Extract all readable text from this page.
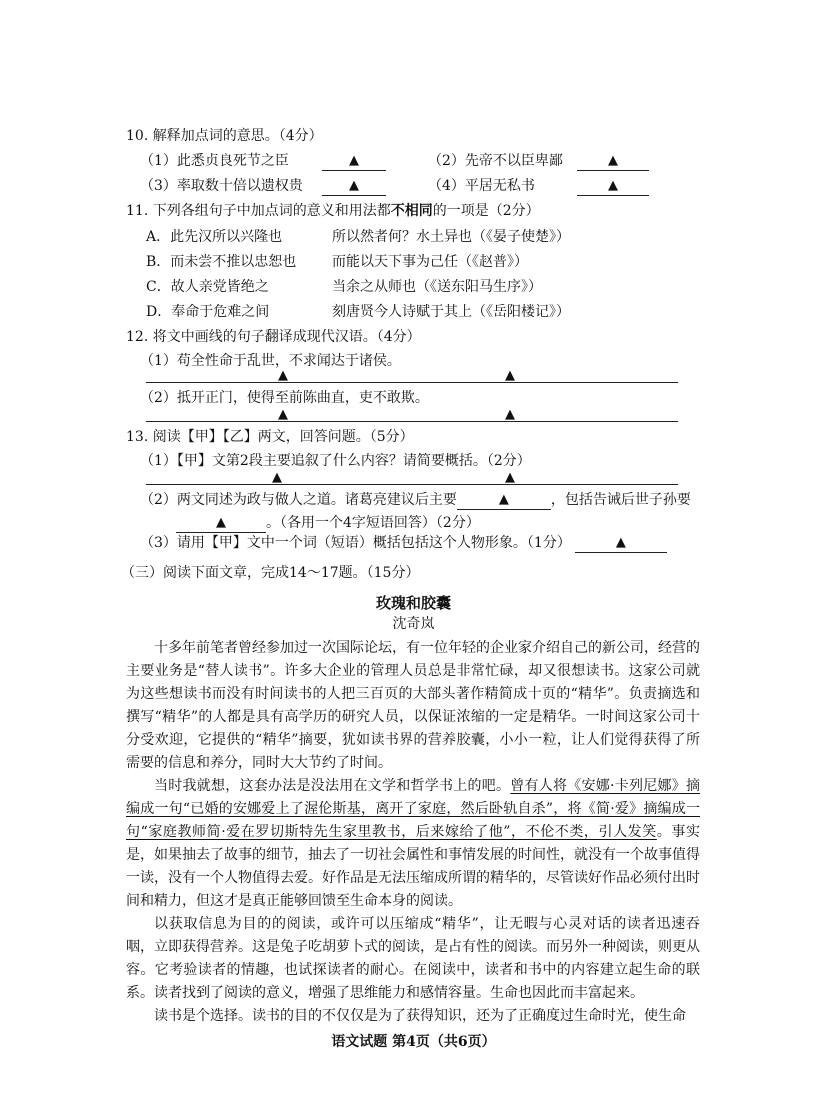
10. 解释加点词的意思。（4分）
（1）此悉贞良死节之臣	▲	（2）先帝不以臣卑鄙	▲
（3）率取数十倍以遗权贵	▲	（4）平居无私书	▲
11. 下列各组句子中加点词的意义和用法都不相同的一项是（2分）
A．此先汉所以兴隆也	所以然者何？水土异也（《晏子使楚》）
B．而未尝不推以忠恕也	而能以天下事为己任（《赵普》）
C．故人亲党皆绝之	当余之从师也（《送东阳马生序》）
D．奉命于危难之间	刻唐贤今人诗赋于其上（《岳阳楼记》）
12. 将文中画线的句子翻译成现代汉语。（4分）
（1）苟全性命于乱世，不求闻达于诸侯。
▲	▲
（2）抵开正门，使得至前陈曲直，吏不敢欺。
▲	▲
13. 阅读【甲】【乙】两文，回答问题。（5分）
（1）【甲】文第2段主要追叙了什么内容？请简要概括。（2分）
▲	▲
（2）两文同述为政与做人之道。诸葛亮建议后主要	▲	，包括告诫后世子孙要
▲	。（各用一个4字短语回答）（2分）
（3）请用【甲】文中一个词（短语）概括包括这个人物形象。（1分）	▲
（三）阅读下面文章，完成14～17题。（15分）
玫瑰和胶囊
沈奇岚
十多年前笔者曾经参加过一次国际论坛，有一位年轻的企业家介绍自己的新公司，经营的主要业务是“替人读书”。许多大企业的管理人员总是非常忙碌，却又很想读书。这家公司就为这些想读书而没有时间读书的人把三百页的大部头著作精简成十页的“精华”。负责摘选和撰写“精华”的人都是具有高学历的研究人员，以保证浓缩的一定是精华。一时间这家公司十分受欢迎，它提供的“精华”摘要，犹如读书界的营养胶囊，小小一粒，让人们觉得获得了所需要的信息和养分，同时大大节约了时间。
当时我就想，这套办法是没法用在文学和哲学书上的吧。曾有人将《安娜·卡列尼娜》摘编成一句“已婚的安娜爱上了渥伦斯基，离开了家庭，然后卧轨自杀”，将《简·爱》摘编成一句“家庭教师简·爱在罗切斯特先生家里教书，后来嫁给了他”，不伦不类，引人发笑。事实是，如果抽去了故事的细节，抽去了一切社会属性和事情发展的时间性，就没有一个故事值得一读，没有一个人物值得去爱。好作品是无法压缩成所谓的精华的，尽管读好作品必须付出时间和精力，但这才是真正能够回馈至生命本身的阅读。
以获取信息为目的的阅读，或许可以压缩成“精华”，让无暇与心灵对话的读者迅速吞咽，立即获得营养。这是兔子吃胡萝卜式的阅读，是占有性的阅读。而另外一种阅读，则更从容。它考验读者的情趣，也试探读者的耐心。在阅读中，读者和书中的内容建立起生命的联系。读者找到了阅读的意义，增强了思维能力和感情容量。生命也因此而丰富起来。
读书是个选择。读书的目的不仅仅是为了获得知识，还为了正确度过生命时光，使生命
语文试题 第4页（共6页）
